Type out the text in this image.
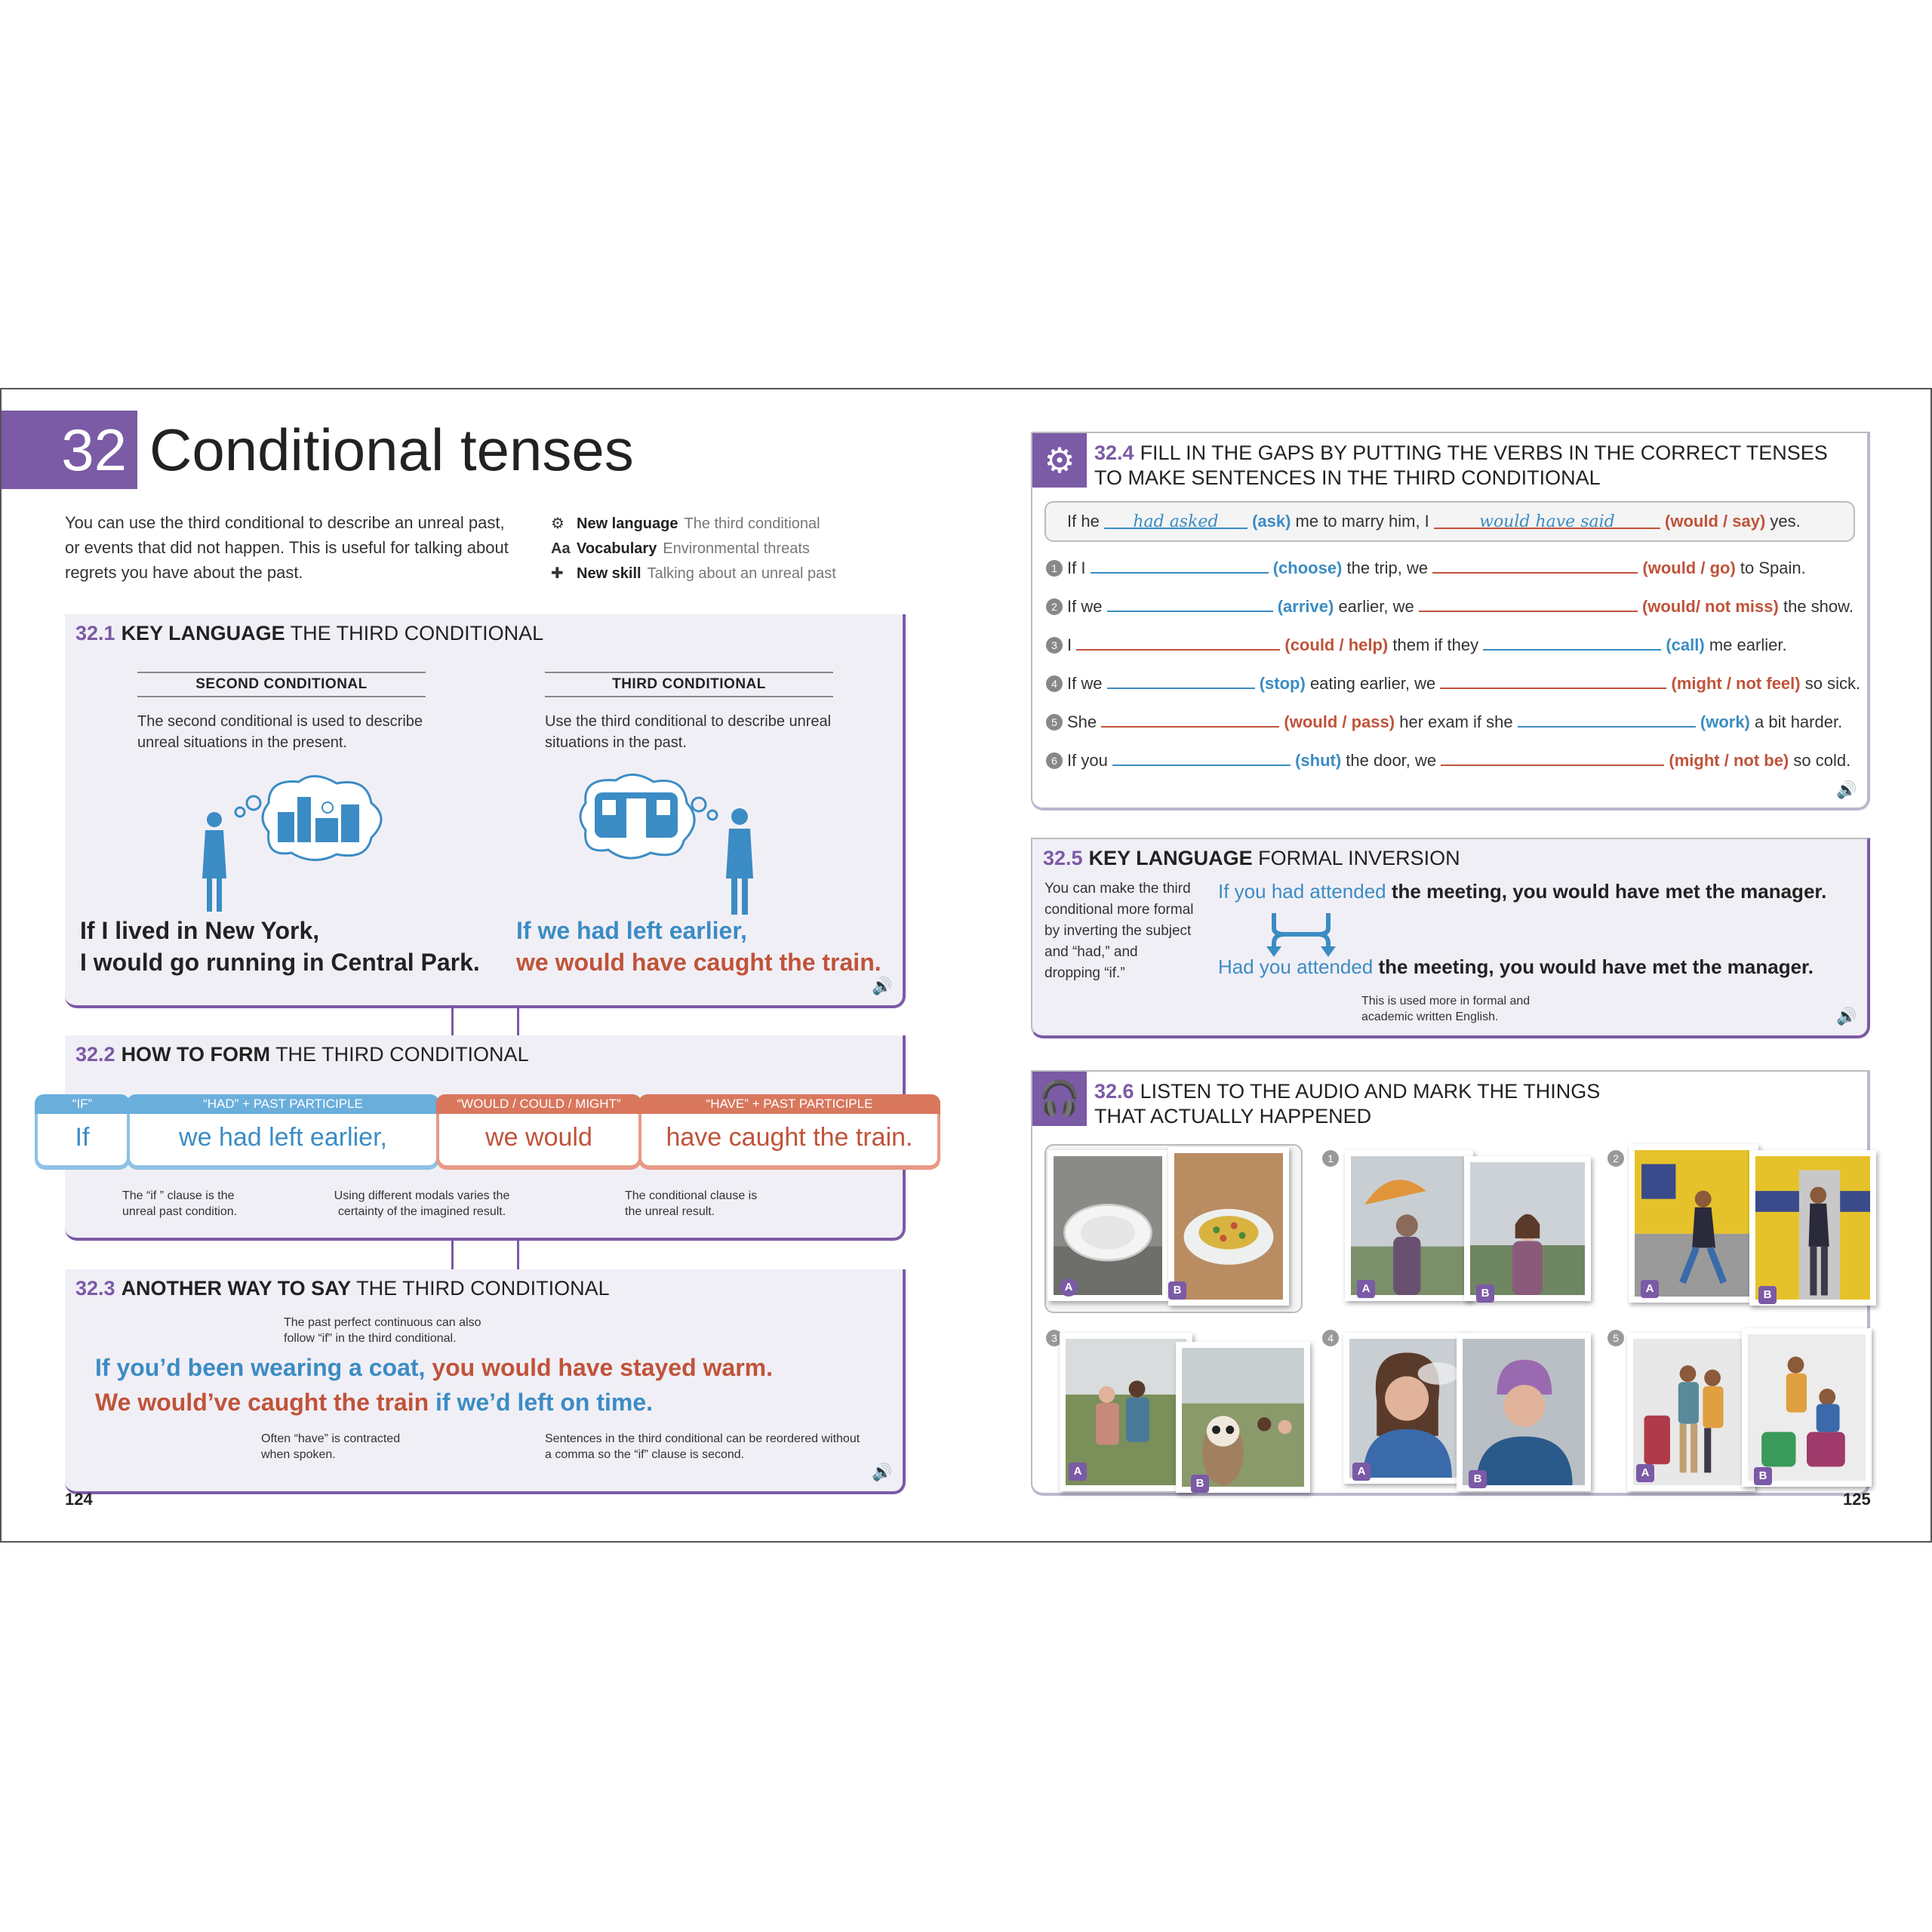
32 Conditional tenses
You can use the third conditional to describe an unreal past, or events that did not happen. This is useful for talking about regrets you have about the past.
⚙ New language The third conditional
Aa Vocabulary Environmental threats
✚ New skill Talking about an unreal past
32.1 KEY LANGUAGE THE THIRD CONDITIONAL
SECOND CONDITIONAL
The second conditional is used to describe unreal situations in the present.
If I lived in New York,
I would go running in Central Park.
THIRD CONDITIONAL
Use the third conditional to describe unreal situations in the past.
If we had left earlier,
we would have caught the train.
🔊
32.2 HOW TO FORM THE THIRD CONDITIONAL
“IF”
If
“HAD” + PAST PARTICIPLE
we had left earlier,
“WOULD / COULD / MIGHT”
we would
“HAVE” + PAST PARTICIPLE
have caught the train.
The “if ” clause is the unreal past condition.
Using different modals varies the certainty of the imagined result.
The conditional clause is the unreal result.
32.3 ANOTHER WAY TO SAY THE THIRD CONDITIONAL
The past perfect continuous can also follow “if” in the third conditional.
If you’d been wearing a coat, you would have stayed warm.
We would’ve caught the train if we’d left on time.
Often “have” is contracted when spoken.
Sentences in the third conditional can be reordered without a comma so the “if” clause is second.
🔊
124
⚙ 32.4 FILL IN THE GAPS BY PUTTING THE VERBS IN THE CORRECT TENSES
TO MAKE SENTENCES IN THE THIRD CONDITIONAL
If he had asked (ask) me to marry him, I	would have said	(would / say) yes.
1 If I	(choose) the trip, we	(would / go) to Spain.
2 If we	(arrive) earlier, we	(would/ not miss) the show.
3 I	(could / help) them if they	(call) me earlier.
4 If we	(stop) eating earlier, we	(might / not feel) so sick.
5 She	(would / pass) her exam if she	(work) a bit harder.
6 If you	(shut) the door, we	(might / not be) so cold.
🔊
32.5 KEY LANGUAGE FORMAL INVERSION
You can make the third conditional more formal by inverting the subject and “had,” and dropping “if.”
If you had attended the meeting, you would have met the manager.
Had you attended the meeting, you would have met the manager.
This is used more in formal and academic written English.	🔊
🎧 32.6 LISTEN TO THE AUDIO AND MARK THE THINGS
THAT ACTUALLY HAPPENED
A	B
1
A	B
2
A	B
3
A
B
4
A
B
5
A	B
125
